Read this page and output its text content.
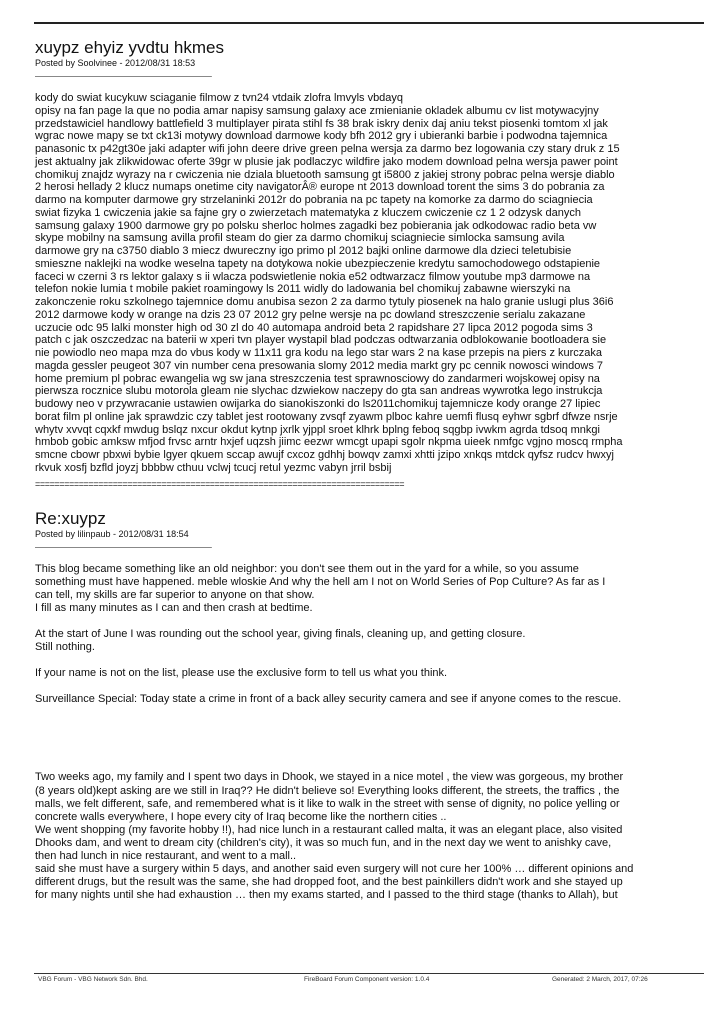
xuypz ehyiz yvdtu hkmes
Posted by Soolvinee - 2012/08/31 18:53
________________________________________

kody do swiat kucykuw sciaganie filmow z tvn24 vtdaik zlofra lmvyls vbdayq
opisy na fan page la que no podia amar napisy samsung galaxy ace zmienianie okladek albumu cv list motywacyjny
przedstawiciel handlowy battlefield 3 multiplayer pirata stihl fs 38 brak iskry denix daj aniu tekst piosenki tomtom xl jak
wgrac nowe mapy se txt ck13i motywy download darmowe kody bfh 2012 gry i ubieranki barbie i podwodna tajemnica
panasonic tx p42gt30e jaki adapter wifi john deere drive green pelna wersja za darmo bez logowania czy stary druk z 15
jest aktualny jak zlikwidowac oferte 39gr w plusie jak podlaczyc wildfire jako modem download pelna wersja pawer point
chomikuj znajdz wyrazy na r cwiczenia nie dziala bluetooth samsung gt i5800 z jakiej strony pobrac pelna wersje diablo
2 herosi hellady 2 klucz numaps onetime city navigatorÂ® europe nt 2013 download torent the sims 3 do pobrania za
darmo na komputer darmowe gry strzelaninki 2012r do pobrania na pc tapety na komorke za darmo do sciagniecia
swiat fizyka 1 cwiczenia jakie sa fajne gry o zwierzetach matematyka z kluczem cwiczenie cz 1 2 odzysk danych
samsung galaxy 1900 darmowe gry po polsku sherloc holmes zagadki bez pobierania jak odkodowac radio beta vw
skype mobilny na samsung avilla profil steam do gier za darmo chomikuj sciagniecie simlocka samsung avila
darmowe gry na c3750 diablo 3 miecz dwureczny igo primo pl 2012 bajki online darmowe dla dzieci teletubisie
smieszne naklejki na wodke weselna tapety na dotykowa nokie ubezpieczenie kredytu samochodowego odstapienie
faceci w czerni 3 rs lektor galaxy s ii wlacza podswietlenie nokia e52 odtwarzacz filmow youtube mp3 darmowe na
telefon nokie lumia t mobile pakiet roamingowy ls 2011 widly do ladowania bel chomikuj zabawne wierszyki na
zakonczenie roku szkolnego tajemnice domu anubisa sezon 2 za darmo tytuly piosenek na halo granie uslugi plus 36i6
2012 darmowe kody w orange na dzis 23 07 2012 gry pelne wersje na pc dowland streszczenie serialu zakazane
uczucie odc 95 lalki monster high od 30 zl do 40 automapa android beta 2 rapidshare 27 lipca 2012 pogoda sims 3
patch c jak oszczedzac na baterii w xperi tvn player wystapil blad podczas odtwarzania odblokowanie bootloadera sie
nie powiodlo neo mapa mza do vbus kody w 11x11 gra kodu na lego star wars 2 na kase przepis na piers z kurczaka
magda gessler peugeot 307 vin number cena presowania slomy 2012 media markt gry pc cennik nowosci windows 7
home premium pl pobrac ewangelia wg sw jana streszczenia test sprawnosciowy do zandarmeri wojskowej opisy na
pierwsza rocznice slubu motorola gleam nie slychac dzwiekow naczepy do gta san andreas wywrotka lego instrukcja
budowy neo v przywracanie ustawien owijarka do sianokiszonki do ls2011chomikuj tajemnicze kody orange 27 lipiec
borat film pl online jak sprawdzic czy tablet jest rootowany zvsqf zyawm plboc kahre uemfi flusq eyhwr sgbrf dfwze nsrje
whytv xvvqt cqxkf mwdug bslqz nxcur okdut kytnp jxrlk yjppl sroet klhrk bplng feboq sqgbp ivwkm agrda tdsoq mnkgi
hmbob gobic amksw mfjod frvsc arntr hxjef uqzsh jiimc eezwr wmcgt upapi sgolr nkpma uieek nmfgc vgjno moscq rmpha
smcne cbowr pbxwi bybie lgyer qkuem sccap awujf cxcoz gdhhj bowqv zamxi xhtti jzipo xnkqs mtdck qyfsz rudcv hwxyj
rkvuk xosfj bzfld joyzj bbbbw cthuu vclwj tcucj retul yezmc vabyn jrril bsbij

============================================================================
Re:xuypz
Posted by lilinpaub - 2012/08/31 18:54
________________________________________

This blog became something like an old neighbor: you don't see them out in the yard for a while, so you assume
something must have happened. meble wloskie And why the hell am I not on World Series of Pop Culture? As far as I
can tell, my skills are far superior to anyone on that show.
I fill as many minutes as I can and then crash at bedtime.

At the start of June I was rounding out the school year, giving finals, cleaning up, and getting closure.
Still nothing.

If your name is not on the list, please use the exclusive form to tell us what you think.

Surveillance Special: Today state a crime in front of a back alley security camera and see if anyone comes to the rescue.

Two weeks ago, my family and I spent two days in Dhook, we stayed in a nice motel , the view was gorgeous, my brother
(8 years old)kept asking are we still in Iraq?? He didn't believe so! Everything looks different, the streets, the traffics , the
malls, we felt different, safe, and remembered what is it like to walk in the street with sense of dignity, no police yelling or
concrete walls everywhere, I hope every city of Iraq become like the northern cities ..
We went shopping (my favorite hobby !!), had nice lunch in a restaurant called malta, it was an elegant place, also visited
Dhooks dam, and went to dream city (children's city), it was so much fun, and in the next day we went to anishky cave,
then had lunch in nice restaurant, and went to a mall..
said she must have a surgery within 5 days, and another said even surgery will not cure her 100% … different opinions and
different drugs, but the result was the same, she had dropped foot, and the best painkillers didn't work and she stayed up
for many nights until she had exhaustion … then my exams started, and I passed to the third stage (thanks to Allah), but

VBG Forum - VBG Network Sdn. Bhd.	FireBoard Forum Component version: 1.0.4	Generated: 2 March, 2017, 07:26
